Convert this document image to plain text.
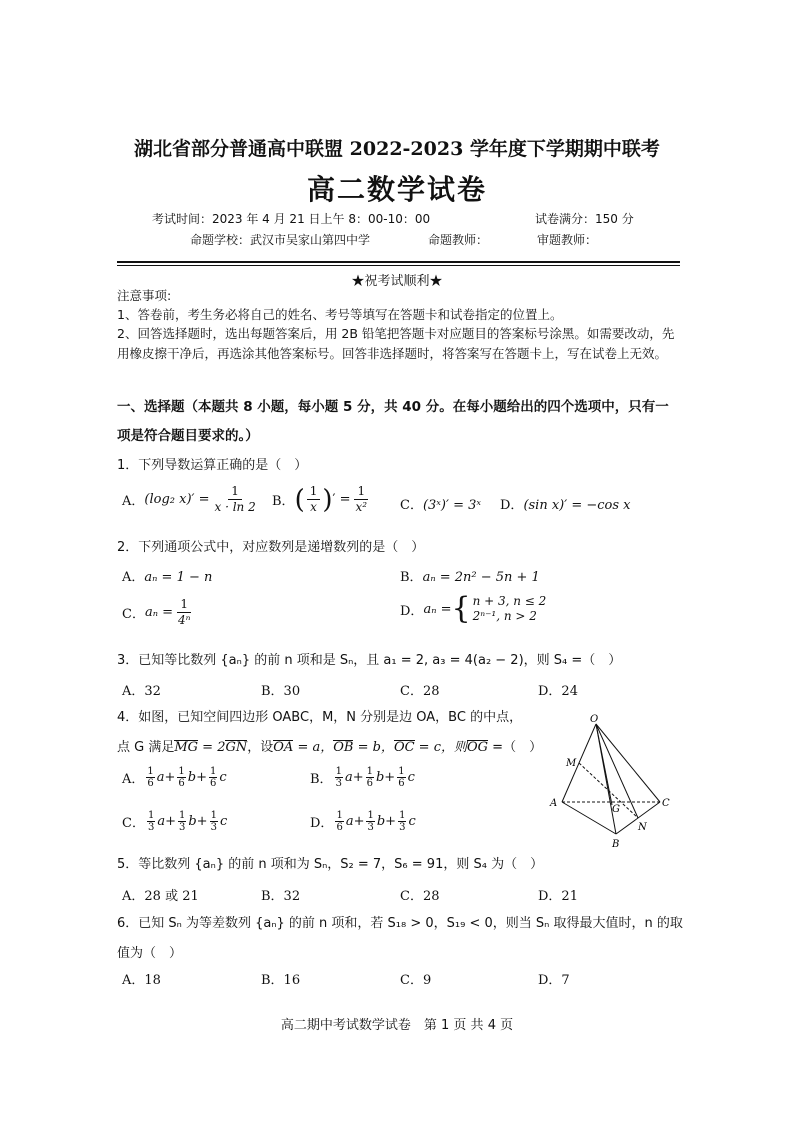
湖北省部分普通高中联盟 2022-2023 学年度下学期期中联考
高二数学试卷
考试时间：2023 年 4 月 21 日上午 8：00-10：00	试卷满分：150 分
命题学校：武汉市吴家山第四中学	命题教师：	审题教师：
★祝考试顺利★
注意事项:
1、答卷前，考生务必将自己的姓名、考号等填写在答题卡和试卷指定的位置上。
2、回答选择题时，选出每题答案后，用 2B 铅笔把答题卡对应题目的答案标号涂黑。如需要改动，先用橡皮擦干净后，再选涂其他答案标号。回答非选择题时，将答案写在答题卡上，写在试卷上无效。
一、选择题（本题共 8 小题，每小题 5 分，共 40 分。在每小题给出的四个选项中，只有一项是符合题目要求的。）
1．下列导数运算正确的是（　）
A． (log₂ $x)' = \frac{1}{x \cdot \ln 2}$ B． ( $\frac{1}{x}$ ) ′ = $\frac{1}{\text{x²}}$ C．(3ˣ)′ = 3ˣ D．(sin x)′ = −cos x
2．下列通项公式中，对应数列是递增数列的是（　）
A．aₙ = 1 − n	B．aₙ = 2n² − 5n + 1
C． $a_n = \frac{1}{\text{4ⁿ}}$	D． aₙ = { n + 3, n ≤ 2
2ⁿ⁻¹, n > 2
3．已知等比数列 {aₙ} 的前 n 项和是 Sₙ，且 a₁ = 2, a₃ = 4(a₂ − 2)，则 S₄ =（　）
A．32	B．30	C．28	D．24
4．如图，已知空间四边形 OABC，M，N 分别是边 OA，BC 的中点，
点 G 满足MG = 2GN，设OA = a，OB = b，OC = c，则OG =（　）
A． $\frac{1}{6} a+ \frac{1}{6} b+ \frac{1}{6}$ c	B． $\frac{1}{3} a+ \frac{1}{6} b+ \frac{1}{6}$ c
C． $\frac{1}{3} a+ \frac{1}{3} b+ \frac{1}{3}$ c	D． $\frac{1}{6} a+ \frac{1}{3} b+ \frac{1}{3}$ c
O
M
A
G
C
N
B
5．等比数列 {aₙ} 的前 n 项和为 Sₙ，S₂ = 7，S₆ = 91，则 S₄ 为（　）
A．28 或 21	B．32	C．28	D．21
6．已知 Sₙ 为等差数列 {aₙ} 的前 n 项和，若 S₁₈ > 0，S₁₉ < 0，则当 Sₙ 取得最大值时，n 的取
值为（　）
A．18	B．16	C．9	D．7
高二期中考试数学试卷　第 1 页 共 4 页
